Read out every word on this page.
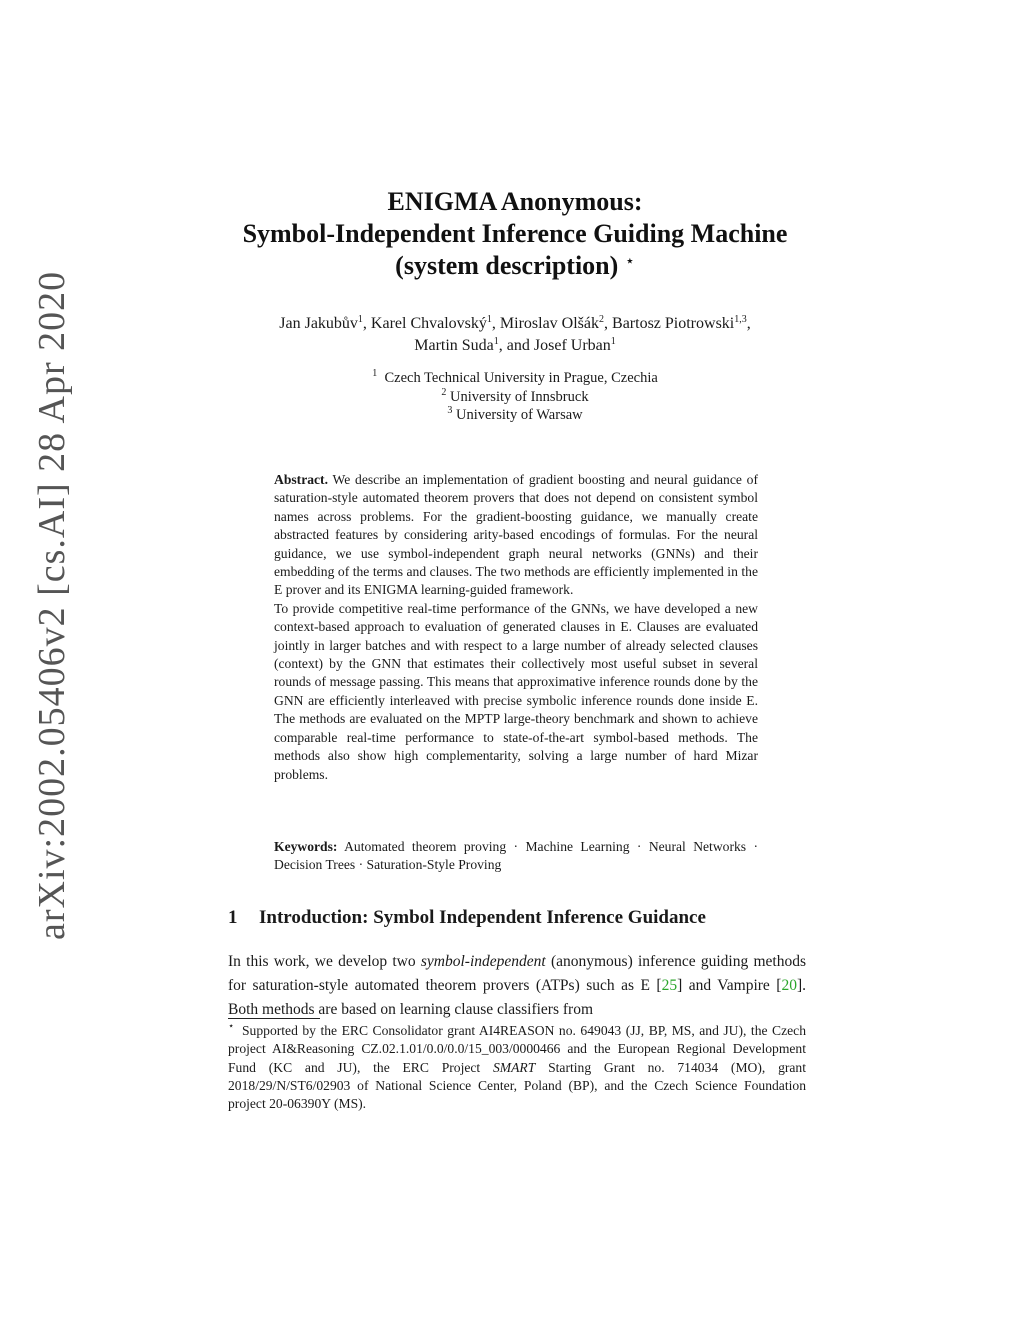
arXiv:2002.05406v2 [cs.AI] 28 Apr 2020
ENIGMA Anonymous:
Symbol-Independent Inference Guiding Machine
(system description) ⋆
Jan Jakubův$^1$, Karel Chvalovský$^1$, Miroslav Olšák$^2$, Bartosz Piotrowski$^{1,3}$,
Martin Suda$^1$, and Josef Urban$^1$
$^1$ Czech Technical University in Prague, Czechia
$^2$ University of Innsbruck
$^3$ University of Warsaw

Abstract. We describe an implementation of gradient boosting and neural guidance of saturation-style automated theorem provers that does not depend on consistent symbol names across problems. For the gradient-boosting guidance, we manually create abstracted features by considering arity-based encodings of formulas. For the neural guidance, we use symbol-independent graph neural networks (GNNs) and their embedding of the terms and clauses. The two methods are efficiently implemented in the E prover and its ENIGMA learning-guided framework.

To provide competitive real-time performance of the GNNs, we have developed a new context-based approach to evaluation of generated clauses in E. Clauses are evaluated jointly in larger batches and with respect to a large number of already selected clauses (context) by the GNN that estimates their collectively most useful subset in several rounds of message passing. This means that approximative inference rounds done by the GNN are efficiently interleaved with precise symbolic inference rounds done inside E. The methods are evaluated on the MPTP large-theory benchmark and shown to achieve comparable real-time performance to state-of-the-art symbol-based methods. The methods also show high complementarity, solving a large number of hard Mizar problems.

Keywords: Automated theorem proving · Machine Learning · Neural Networks · Decision Trees · Saturation-Style Proving
1 Introduction: Symbol Independent Inference Guidance
In this work, we develop two symbol-independent (anonymous) inference guiding methods for saturation-style automated theorem provers (ATPs) such as E [25] and Vampire [20]. Both methods are based on learning clause classifiers from
⋆ Supported by the ERC Consolidator grant AI4REASON no. 649043 (JJ, BP, MS, and JU), the Czech project AI&Reasoning CZ.02.1.01/0.0/0.0/15_003/0000466 and the European Regional Development Fund (KC and JU), the ERC Project SMART Starting Grant no. 714034 (MO), grant 2018/29/N/ST6/02903 of National Science Center, Poland (BP), and the Czech Science Foundation project 20-06390Y (MS).
